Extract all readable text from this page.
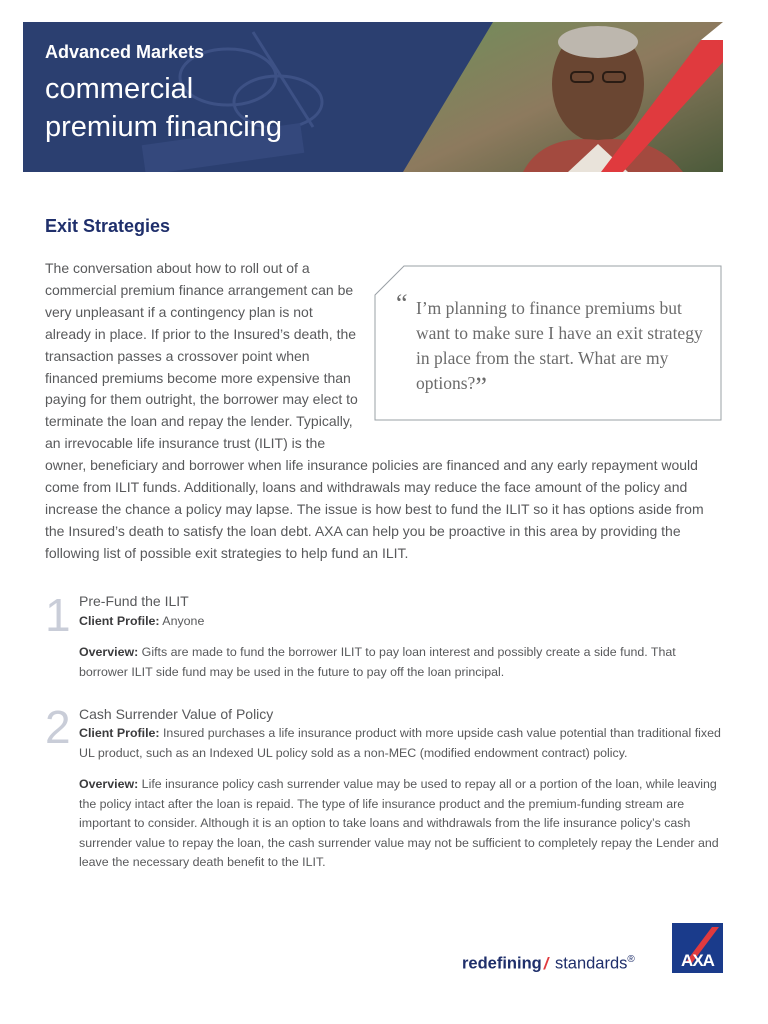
Advanced Markets
commercial
premium financing
Exit Strategies
The conversation about how to roll out of a commercial premium finance arrangement can be very unpleasant if a contingency plan is not already in place. If prior to the Insured’s death, the transaction passes a crossover point when financed premiums become more expensive than paying for them outright, the borrower may elect to terminate the loan and repay the lender. Typically, an irrevocable life insurance trust (ILIT) is the owner, beneficiary and borrower when life insurance policies are financed and any early repayment would come from ILIT funds. Additionally, loans and withdrawals may reduce the face amount of the policy and increase the chance a policy may lapse. The issue is how best to fund the ILIT so it has options aside from the Insured’s death to satisfy the loan debt. AXA can help you be proactive in this area by providing the following list of possible exit strategies to help fund an ILIT.
I’m planning to finance premiums but want to make sure I have an exit strategy in place from the start. What are my options?”
1 Pre-Fund the ILIT
Client Profile: Anyone
Overview: Gifts are made to fund the borrower ILIT to pay loan interest and possibly create a side fund. That borrower ILIT side fund may be used in the future to pay off the loan principal.
2 Cash Surrender Value of Policy
Client Profile: Insured purchases a life insurance product with more upside cash value potential than traditional fixed UL product, such as an Indexed UL policy sold as a non-MEC (modified endowment contract) policy.
Overview: Life insurance policy cash surrender value may be used to repay all or a portion of the loan, while leaving the policy intact after the loan is repaid. The type of life insurance product and the premium-funding stream are important to consider. Although it is an option to take loans and withdrawals from the life insurance policy’s cash surrender value to repay the loan, the cash surrender value may not be sufficient to completely repay the Lender and leave the necessary death benefit to the ILIT.
redefining / standards®	AXA
